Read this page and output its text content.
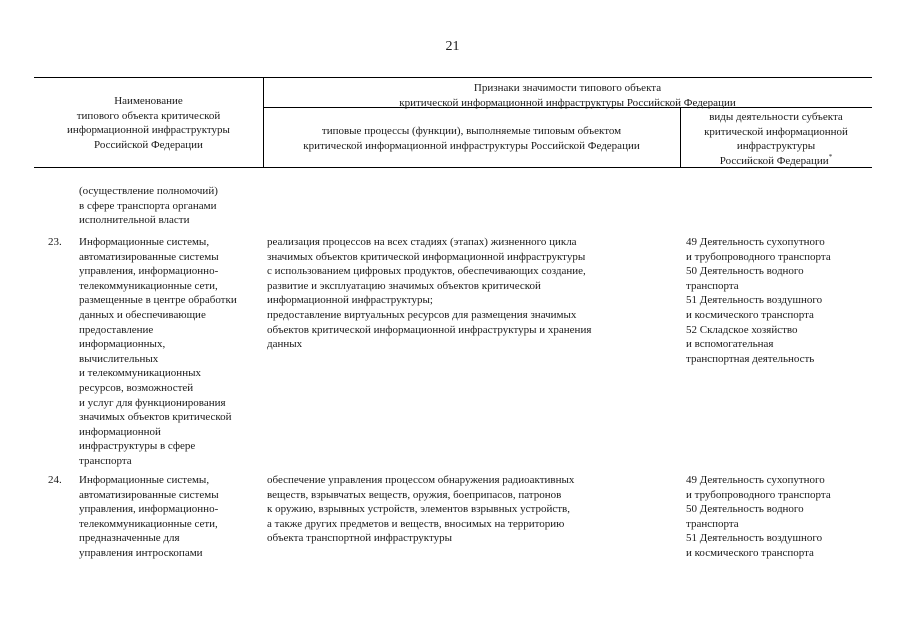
21
Наименование
типового объекта критической
информационной инфраструктуры
Российской Федерации
Признаки значимости типового объекта
критической информационной инфраструктуры Российской Федерации
типовые процессы (функции), выполняемые типовым объектом
критической информационной инфраструктуры Российской Федерации
виды деятельности субъекта
критической информационной
инфраструктуры
Российской Федерации*
(осуществление полномочий)
в сфере транспорта органами
исполнительной власти
23. Информационные системы,
автоматизированные системы
управления, информационно-
телекоммуникационные сети,
размещенные в центре обработки
данных и обеспечивающие
предоставление
информационных,
вычислительных
и телекоммуникационных
ресурсов, возможностей
и услуг для функционирования
значимых объектов критической
информационной
инфраструктуры в сфере
транспорта
реализация процессов на всех стадиях (этапах) жизненного цикла
значимых объектов критической информационной инфраструктуры
с использованием цифровых продуктов, обеспечивающих создание,
развитие и эксплуатацию значимых объектов критической
информационной инфраструктуры;
предоставление виртуальных ресурсов для размещения значимых
объектов критической информационной инфраструктуры и хранения
данных
49 Деятельность сухопутного
и трубопроводного транспорта
50 Деятельность водного
транспорта
51 Деятельность воздушного
и космического транспорта
52 Складское хозяйство
и вспомогательная
транспортная деятельность
24. Информационные системы,
автоматизированные системы
управления, информационно-
телекоммуникационные сети,
предназначенные для
управления интроскопами
обеспечение управления процессом обнаружения радиоактивных
веществ, взрывчатых веществ, оружия, боеприпасов, патронов
к оружию, взрывных устройств, элементов взрывных устройств,
а также других предметов и веществ, вносимых на территорию
объекта транспортной инфраструктуры
49 Деятельность сухопутного
и трубопроводного транспорта
50 Деятельность водного
транспорта
51 Деятельность воздушного
и космического транспорта
